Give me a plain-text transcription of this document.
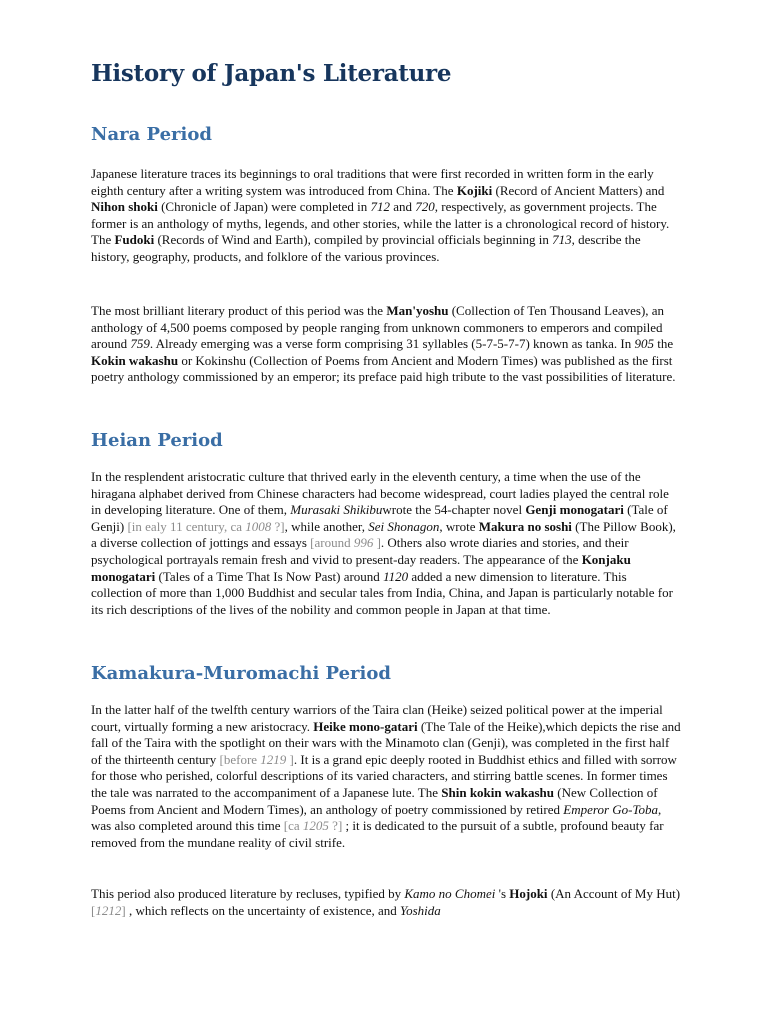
History of Japan's Literature
Nara Period

Japanese literature traces its beginnings to oral traditions that were first recorded in written form in the early eighth century after a writing system was introduced from China. The Kojiki (Record of Ancient Matters) and Nihon shoki (Chronicle of Japan) were completed in 712 and 720, respectively, as government projects. The former is an anthology of myths, legends, and other stories, while the latter is a chronological record of history. The Fudoki (Records of Wind and Earth), compiled by provincial officials beginning in 713, describe the history, geography, products, and folklore of the various provinces.

The most brilliant literary product of this period was the Man'yoshu (Collection of Ten Thousand Leaves), an anthology of 4,500 poems composed by people ranging from unknown commoners to emperors and compiled around 759. Already emerging was a verse form comprising 31 syllables (5-7-5-7-7) known as tanka. In 905 the Kokin wakashu or Kokinshu (Collection of Poems from Ancient and Modern Times) was published as the first poetry anthology commissioned by an emperor; its preface paid high tribute to the vast possibilities of literature.

Heian Period

In the resplendent aristocratic culture that thrived early in the eleventh century, a time when the use of the hiragana alphabet derived from Chinese characters had become widespread, court ladies played the central role in developing literature. One of them, Murasaki Shikibuwrote the 54-chapter novel Genji monogatari (Tale of Genji) [in ealy 11 century, ca 1008 ?], while another, Sei Shonagon, wrote Makura no soshi (The Pillow Book), a diverse collection of jottings and essays [around 996 ]. Others also wrote diaries and stories, and their psychological portrayals remain fresh and vivid to present-day readers. The appearance of the Konjaku monogatari (Tales of a Time That Is Now Past) around 1120 added a new dimension to literature. This collection of more than 1,000 Buddhist and secular tales from India, China, and Japan is particularly notable for its rich descriptions of the lives of the nobility and common people in Japan at that time.

Kamakura-Muromachi Period

In the latter half of the twelfth century warriors of the Taira clan (Heike) seized political power at the imperial court, virtually forming a new aristocracy. Heike mono-gatari (The Tale of the Heike),which depicts the rise and fall of the Taira with the spotlight on their wars with the Minamoto clan (Genji), was completed in the first half of the thirteenth century [before 1219 ]. It is a grand epic deeply rooted in Buddhist ethics and filled with sorrow for those who perished, colorful descriptions of its varied characters, and stirring battle scenes. In former times the tale was narrated to the accompaniment of a Japanese lute. The Shin kokin wakashu (New Collection of Poems from Ancient and Modern Times), an anthology of poetry commissioned by retired Emperor Go-Toba, was also completed around this time [ca 1205 ?] ; it is dedicated to the pursuit of a subtle, profound beauty far removed from the mundane reality of civil strife.

This period also produced literature by recluses, typified by Kamo no Chomei 's Hojoki (An Account of My Hut) [1212] , which reflects on the uncertainty of existence, and Yoshida
